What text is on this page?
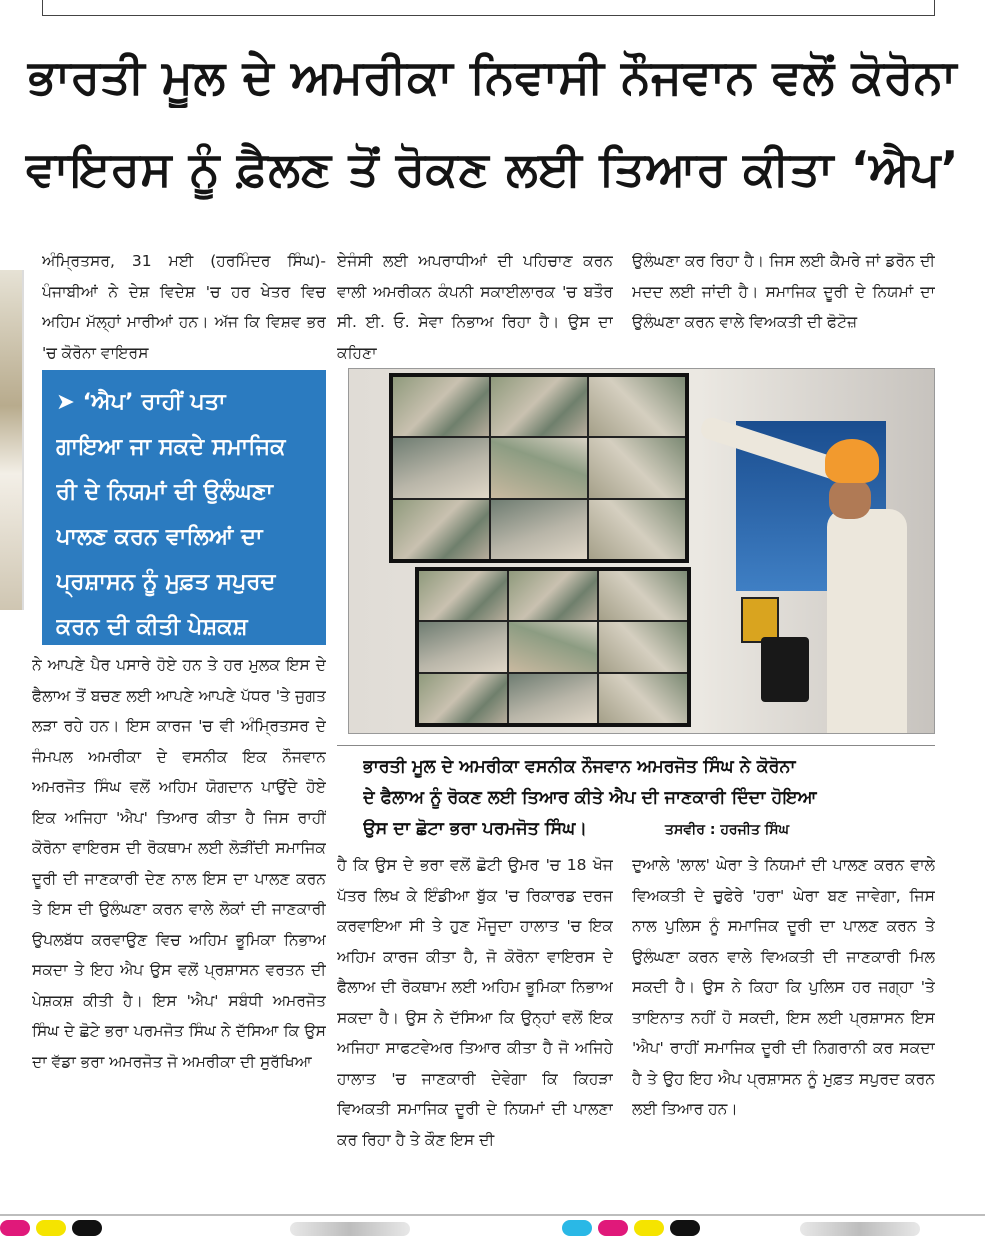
ਭਾਰਤੀ ਮੂਲ ਦੇ ਅਮਰੀਕਾ ਨਿਵਾਸੀ ਨੌਜਵਾਨ ਵਲੋਂ ਕੋਰੋਨਾ
ਵਾਇਰਸ ਨੂੰ ਫ਼ੈਲਣ ਤੋਂ ਰੋਕਣ ਲਈ ਤਿਆਰ ਕੀਤਾ ‘ਐਪ’

ਅੰਮ੍ਰਿਤਸਰ, 31 ਮਈ (ਹਰਮਿੰਦਰ ਸਿੰਘ)-ਪੰਜਾਬੀਆਂ ਨੇ ਦੇਸ਼ ਵਿਦੇਸ਼ 'ਚ ਹਰ ਖੇਤਰ ਵਿਚ ਅਹਿਮ ਮੱਲ੍ਹਾਂ ਮਾਰੀਆਂ ਹਨ। ਅੱਜ ਕਿ ਵਿਸ਼ਵ ਭਰ 'ਚ ਕੋਰੋਨਾ ਵਾਇਰਸ

➤ ‘ਐਪ’ ਰਾਹੀਂ ਪਤਾ
ਗਾਇਆ ਜਾ ਸਕਦੇ ਸਮਾਜਿਕ
ਰੀ ਦੇ ਨਿਯਮਾਂ ਦੀ ਉਲੰਘਣਾ
ਪਾਲਣ ਕਰਨ ਵਾਲਿਆਂ ਦਾ
ਪ੍ਰਸ਼ਾਸਨ ਨੂੰ ਮੁਫ਼ਤ ਸਪੁਰਦ
ਕਰਨ ਦੀ ਕੀਤੀ ਪੇਸ਼ਕਸ਼

ਨੇ ਆਪਣੇ ਪੈਰ ਪਸਾਰੇ ਹੋਏ ਹਨ ਤੇ ਹਰ ਮੁਲਕ ਇਸ ਦੇ ਫੈਲਾਅ ਤੋਂ ਬਚਣ ਲਈ ਆਪਣੇ ਆਪਣੇ ਪੱਧਰ 'ਤੇ ਜੁਗਤ ਲੜਾ ਰਹੇ ਹਨ। ਇਸ ਕਾਰਜ 'ਚ ਵੀ ਅੰਮ੍ਰਿਤਸਰ ਦੇ ਜੰਮਪਲ ਅਮਰੀਕਾ ਦੇ ਵਸਨੀਕ ਇਕ ਨੌਜਵਾਨ ਅਮਰਜੋਤ ਸਿੰਘ ਵਲੋਂ ਅਹਿਮ ਯੋਗਦਾਨ ਪਾਉਂਦੇ ਹੋਏ ਇਕ ਅਜਿਹਾ 'ਐਪ' ਤਿਆਰ ਕੀਤਾ ਹੈ ਜਿਸ ਰਾਹੀਂ ਕੋਰੋਨਾ ਵਾਇਰਸ ਦੀ ਰੋਕਥਾਮ ਲਈ ਲੋੜੀਂਦੀ ਸਮਾਜਿਕ ਦੂਰੀ ਦੀ ਜਾਣਕਾਰੀ ਦੇਣ ਨਾਲ ਇਸ ਦਾ ਪਾਲਣ ਕਰਨ ਤੇ ਇਸ ਦੀ ਉਲੰਘਣਾ ਕਰਨ ਵਾਲੇ ਲੋਕਾਂ ਦੀ ਜਾਣਕਾਰੀ ਉਪਲਬੱਧ ਕਰਵਾਉਣ ਵਿਚ ਅਹਿਮ ਭੂਮਿਕਾ ਨਿਭਾਅ ਸਕਦਾ ਤੇ ਇਹ ਐਪ ਉਸ ਵਲੋਂ ਪ੍ਰਸ਼ਾਸਨ ਵਰਤਨ ਦੀ ਪੇਸ਼ਕਸ਼ ਕੀਤੀ ਹੈ। ਇਸ 'ਐਪ' ਸਬੰਧੀ ਅਮਰਜੋਤ ਸਿੰਘ ਦੇ ਛੋਟੇ ਭਰਾ ਪਰਮਜੋਤ ਸਿੰਘ ਨੇ ਦੱਸਿਆ ਕਿ ਉਸ ਦਾ ਵੱਡਾ ਭਰਾ ਅਮਰਜੋਤ ਜੋ ਅਮਰੀਕਾ ਦੀ ਸੁਰੱਖਿਆ

ਏਜੰਸੀ ਲਈ ਅਪਰਾਧੀਆਂ ਦੀ ਪਹਿਚਾਣ ਕਰਨ ਵਾਲੀ ਅਮਰੀਕਨ ਕੰਪਨੀ ਸਕਾਈਲਾਰਕ 'ਚ ਬਤੌਰ ਸੀ. ਈ. ਓ. ਸੇਵਾ ਨਿਭਾਅ ਰਿਹਾ ਹੈ। ਉਸ ਦਾ ਕਹਿਣਾ

ਹੈ ਕਿ ਉਸ ਦੇ ਭਰਾ ਵਲੋਂ ਛੋਟੀ ਉਮਰ 'ਚ 18 ਖੋਜ ਪੱਤਰ ਲਿਖ ਕੇ ਇੰਡੀਆ ਬੁੱਕ 'ਚ ਰਿਕਾਰਡ ਦਰਜ ਕਰਵਾਇਆ ਸੀ ਤੇ ਹੁਣ ਮੌਜੂਦਾ ਹਾਲਾਤ 'ਚ ਇਕ ਅਹਿਮ ਕਾਰਜ ਕੀਤਾ ਹੈ, ਜੋ ਕੋਰੋਨਾ ਵਾਇਰਸ ਦੇ ਫੈਲਾਅ ਦੀ ਰੋਕਥਾਮ ਲਈ ਅਹਿਮ ਭੂਮਿਕਾ ਨਿਭਾਅ ਸਕਦਾ ਹੈ। ਉਸ ਨੇ ਦੱਸਿਆ ਕਿ ਉਨ੍ਹਾਂ ਵਲੋਂ ਇਕ ਅਜਿਹਾ ਸਾਫਟਵੇਅਰ ਤਿਆਰ ਕੀਤਾ ਹੈ ਜੋ ਅਜਿਹੇ ਹਾਲਾਤ 'ਚ ਜਾਣਕਾਰੀ ਦੇਵੇਗਾ ਕਿ ਕਿਹੜਾ ਵਿਅਕਤੀ ਸਮਾਜਿਕ ਦੂਰੀ ਦੇ ਨਿਯਮਾਂ ਦੀ ਪਾਲਣਾ ਕਰ ਰਿਹਾ ਹੈ ਤੇ ਕੌਣ ਇਸ ਦੀ

ਉਲੰਘਣਾ ਕਰ ਰਿਹਾ ਹੈ। ਜਿਸ ਲਈ ਕੈਮਰੇ ਜਾਂ ਡਰੋਨ ਦੀ ਮਦਦ ਲਈ ਜਾਂਦੀ ਹੈ। ਸਮਾਜਿਕ ਦੂਰੀ ਦੇ ਨਿਯਮਾਂ ਦਾ ਉਲੰਘਣਾ ਕਰਨ ਵਾਲੇ ਵਿਅਕਤੀ ਦੀ ਫੋਟੋਜ਼

ਦੁਆਲੇ 'ਲਾਲ' ਘੇਰਾ ਤੇ ਨਿਯਮਾਂ ਦੀ ਪਾਲਣ ਕਰਨ ਵਾਲੇ ਵਿਅਕਤੀ ਦੇ ਚੁਫੇਰੇ 'ਹਰਾ' ਘੇਰਾ ਬਣ ਜਾਵੇਗਾ, ਜਿਸ ਨਾਲ ਪੁਲਿਸ ਨੂੰ ਸਮਾਜਿਕ ਦੂਰੀ ਦਾ ਪਾਲਣ ਕਰਨ ਤੇ ਉਲੰਘਣਾ ਕਰਨ ਵਾਲੇ ਵਿਅਕਤੀ ਦੀ ਜਾਣਕਾਰੀ ਮਿਲ ਸਕਦੀ ਹੈ। ਉਸ ਨੇ ਕਿਹਾ ਕਿ ਪੁਲਿਸ ਹਰ ਜਗ੍ਹਾ 'ਤੇ ਤਾਇਨਾਤ ਨਹੀਂ ਹੋ ਸਕਦੀ, ਇਸ ਲਈ ਪ੍ਰਸ਼ਾਸਨ ਇਸ 'ਐਪ' ਰਾਹੀਂ ਸਮਾਜਿਕ ਦੂਰੀ ਦੀ ਨਿਗਰਾਨੀ ਕਰ ਸਕਦਾ ਹੈ ਤੇ ਉਹ ਇਹ ਐਪ ਪ੍ਰਸ਼ਾਸਨ ਨੂੰ ਮੁਫ਼ਤ ਸਪੁਰਦ ਕਰਨ ਲਈ ਤਿਆਰ ਹਨ।

ਭਾਰਤੀ ਮੂਲ ਦੇ ਅਮਰੀਕਾ ਵਸਨੀਕ ਨੌਜਵਾਨ ਅਮਰਜੋਤ ਸਿੰਘ ਨੇ ਕੋਰੋਨਾ

ਦੇ ਫੈਲਾਅ ਨੂੰ ਰੋਕਣ ਲਈ ਤਿਆਰ ਕੀਤੇ ਐਪ ਦੀ ਜਾਣਕਾਰੀ ਦਿੰਦਾ ਹੋਇਆ

ਉਸ ਦਾ ਛੋਟਾ ਭਰਾ ਪਰਮਜੋਤ ਸਿੰਘ।	ਤਸਵੀਰ : ਹਰਜੀਤ ਸਿੰਘ
